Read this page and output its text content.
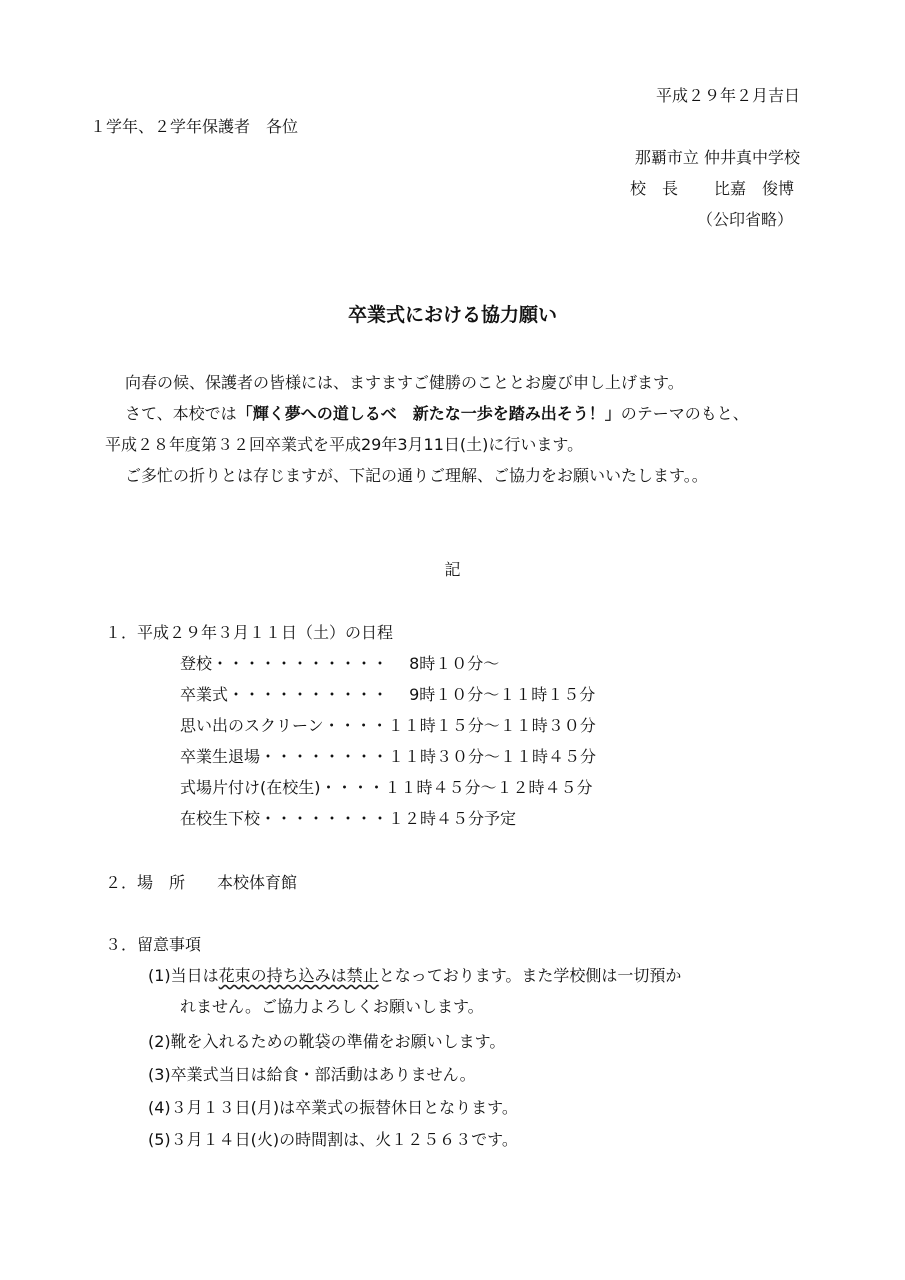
平成２９年２月吉日

１学年、２学年保護者　各位

那覇市立 仲井真中学校

校　長 比嘉　俊博

（公印省略）

卒業式における協力願い

向春の候、保護者の皆様には、ますますご健勝のこととお慶び申し上げます。

さて、本校では「輝く夢への道しるべ　新たな一歩を踏み出そう！」のテーマのもと、

平成２８年度第３２回卒業式を平成29年3月11日(土)に行います。

ご多忙の折りとは存じますが、下記の通りご理解、ご協力をお願いいたします。。

記

１．平成２９年３月１１日（土）の日程

登校・・・・・・・・・・・　 8時１０分～
卒業式・・・・・・・・・・　 9時１０分～１１時１５分
思い出のスクリーン・・・・１１時１５分～１１時３０分
卒業生退場・・・・・・・・１１時３０分～１１時４５分
式場片付け(在校生)・・・・１１時４５分～１２時４５分
在校生下校・・・・・・・・１２時４５分予定

２．場　所 本校体育館

３．留意事項

(1)当日は花束の持ち込みは禁止となっております。また学校側は一切預か
れません。ご協力よろしくお願いします。
(2)靴を入れるための靴袋の準備をお願いします。
(3)卒業式当日は給食・部活動はありません。
(4)３月１３日(月)は卒業式の振替休日となります。
(5)３月１４日(火)の時間割は、火１２５６３です。
